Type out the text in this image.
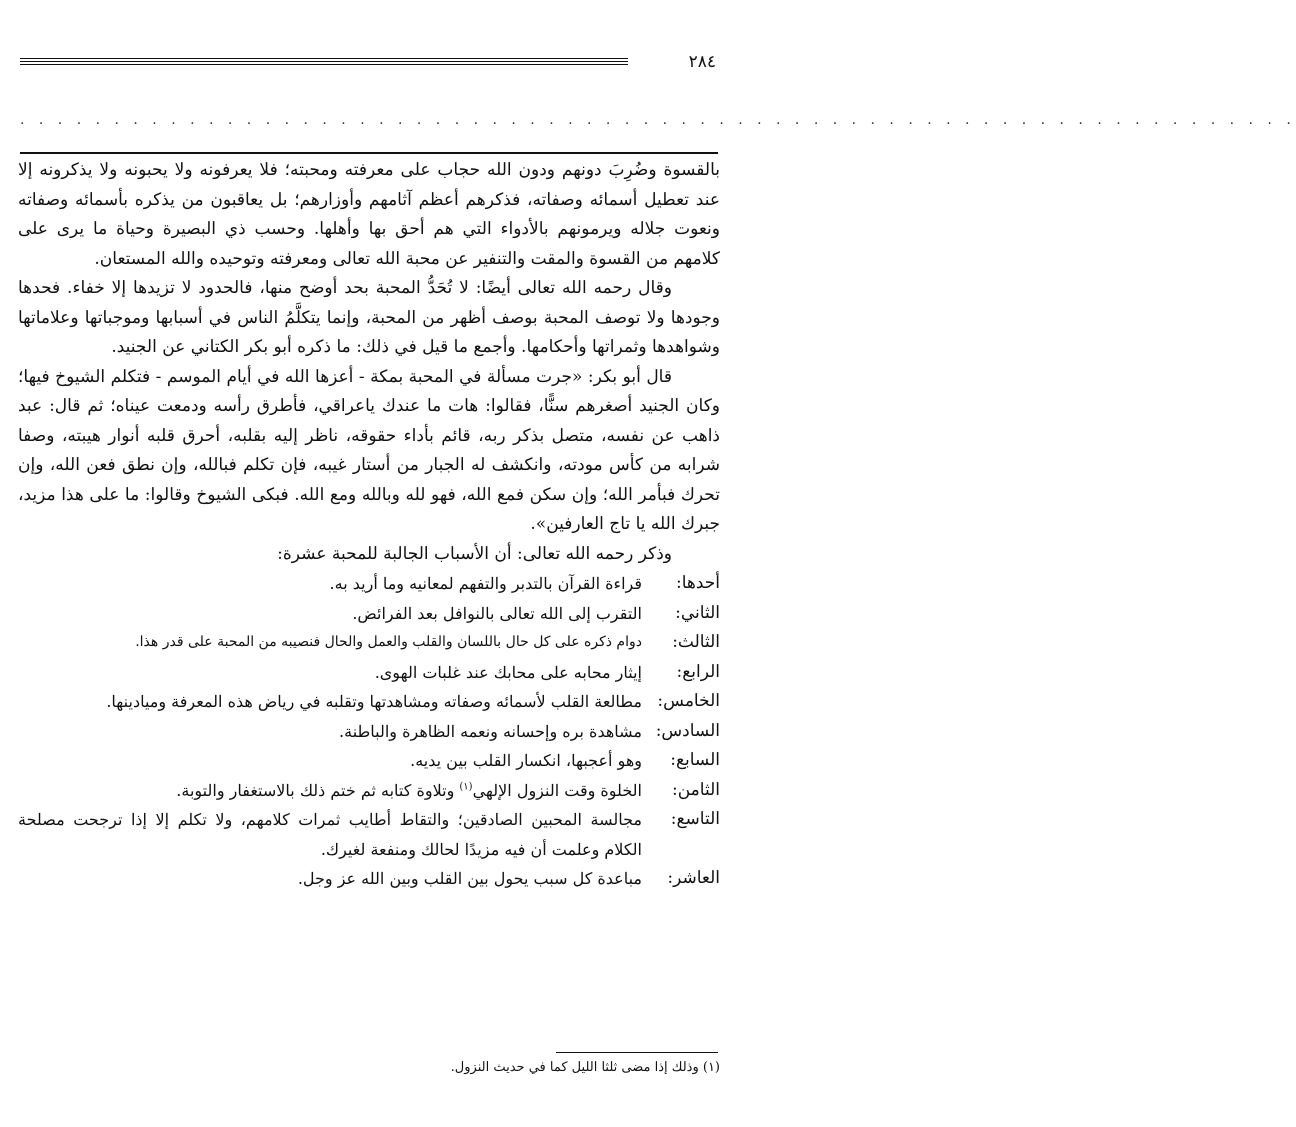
٢٨٤
. . . . . . . . . . . . . . . . . . . . . . . . . . . . . . . . . . . . . . . . . . . . . . . . . . . . . . . . . . . . . . . . . . . .

بالقسوة وضُرِبَ دونهم ودون الله حجاب على معرفته ومحبته؛ فلا يعرفونه ولا يحبونه ولا يذكرونه إلا عند تعطيل أسمائه وصفاته، فذكرهم أعظم آثامهم وأوزارهم؛ بل يعاقبون من يذكره بأسمائه وصفاته ونعوت جلاله ويرمونهم بالأدواء التي هم أحق بها وأهلها. وحسب ذي البصيرة وحياة ما يرى على كلامهم من القسوة والمقت والتنفير عن محبة الله تعالى ومعرفته وتوحيده والله المستعان.

وقال رحمه الله تعالى أيضًا: لا تُحَدُّ المحبة بحد أوضح منها، فالحدود لا تزيدها إلا خفاء. فحدها وجودها ولا توصف المحبة بوصف أظهر من المحبة، وإنما يتكلَّمُ الناس في أسبابها وموجباتها وعلاماتها وشواهدها وثمراتها وأحكامها. وأجمع ما قيل في ذلك: ما ذكره أبو بكر الكتاني عن الجنيد.

قال أبو بكر: «جرت مسألة في المحبة بمكة - أعزها الله في أيام الموسم - فتكلم الشيوخ فيها؛ وكان الجنيد أصغرهم سنًّا، فقالوا: هات ما عندك ياعراقي، فأطرق رأسه ودمعت عيناه؛ ثم قال: عبد ذاهب عن نفسه، متصل بذكر ربه، قائم بأداء حقوقه، ناظر إليه بقلبه، أحرق قلبه أنوار هيبته، وصفا شرابه من كأس مودته، وانكشف له الجبار من أستار غيبه، فإن تكلم فبالله، وإن نطق فعن الله، وإن تحرك فبأمر الله؛ وإن سكن فمع الله، فهو لله وبالله ومع الله. فبكى الشيوخ وقالوا: ما على هذا مزيد، جبرك الله يا تاج العارفين».

وذكر رحمه الله تعالى: أن الأسباب الجالبة للمحبة عشرة:

أحدها:
قراءة القرآن بالتدبر والتفهم لمعانيه وما أريد به.
الثاني:
التقرب إلى الله تعالى بالنوافل بعد الفرائض.
الثالث:
دوام ذكره على كل حال باللسان والقلب والعمل والحال فنصيبه من المحبة على قدر هذا.
الرابع:
إيثار محابه على محابك عند غلبات الهوى.
الخامس:
مطالعة القلب لأسمائه وصفاته ومشاهدتها وتقلبه في رياض هذه المعرفة وميادينها.
السادس:
مشاهدة بره وإحسانه ونعمه الظاهرة والباطنة.
السابع:
وهو أعجبها، انكسار القلب بين يديه.
الثامن:
الخلوة وقت النزول الإلهي$^{(١)}$ وتلاوة كتابه ثم ختم ذلك بالاستغفار والتوبة.
التاسع:
مجالسة المحبين الصادقين؛ والتقاط أطايب ثمرات كلامهم، ولا تكلم إلا إذا ترجحت مصلحة الكلام وعلمت أن فيه مزيدًا لحالك ومنفعة لغيرك.
العاشر:
مباعدة كل سبب يحول بين القلب وبين الله عز وجل.
(١) وذلك إذا مضى ثلثا الليل كما في حديث النزول.
